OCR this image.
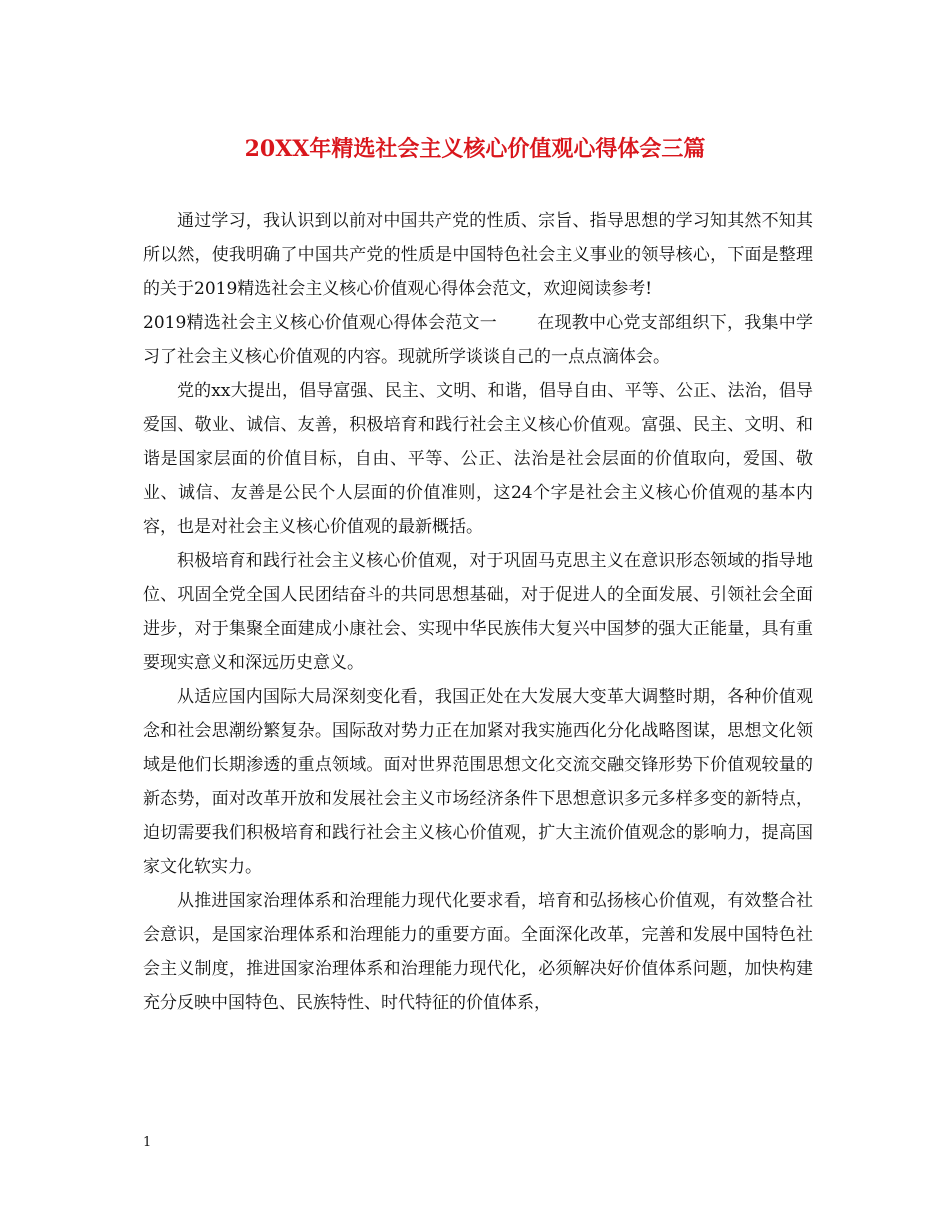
20XX年精选社会主义核心价值观心得体会三篇

通过学习，我认识到以前对中国共产党的性质、宗旨、指导思想的学习知其然不知其所以然，使我明确了中国共产党的性质是中国特色社会主义事业的领导核心，下面是整理的关于2019精选社会主义核心价值观心得体会范文，欢迎阅读参考!

2019精选社会主义核心价值观心得体会范文一 在现教中心党支部组织下，我集中学习了社会主义核心价值观的内容。现就所学谈谈自己的一点点滴体会。

党的xx大提出，倡导富强、民主、文明、和谐，倡导自由、平等、公正、法治，倡导爱国、敬业、诚信、友善，积极培育和践行社会主义核心价值观。富强、民主、文明、和谐是国家层面的价值目标，自由、平等、公正、法治是社会层面的价值取向，爱国、敬业、诚信、友善是公民个人层面的价值准则，这24个字是社会主义核心价值观的基本内容，也是对社会主义核心价值观的最新概括。

积极培育和践行社会主义核心价值观，对于巩固马克思主义在意识形态领域的指导地位、巩固全党全国人民团结奋斗的共同思想基础，对于促进人的全面发展、引领社会全面进步，对于集聚全面建成小康社会、实现中华民族伟大复兴中国梦的强大正能量，具有重要现实意义和深远历史意义。

从适应国内国际大局深刻变化看，我国正处在大发展大变革大调整时期，各种价值观念和社会思潮纷繁复杂。国际敌对势力正在加紧对我实施西化分化战略图谋，思想文化领域是他们长期渗透的重点领域。面对世界范围思想文化交流交融交锋形势下价值观较量的新态势，面对改革开放和发展社会主义市场经济条件下思想意识多元多样多变的新特点，迫切需要我们积极培育和践行社会主义核心价值观，扩大主流价值观念的影响力，提高国家文化软实力。

从推进国家治理体系和治理能力现代化要求看，培育和弘扬核心价值观，有效整合社会意识，是国家治理体系和治理能力的重要方面。全面深化改革，完善和发展中国特色社会主义制度，推进国家治理体系和治理能力现代化，必须解决好价值体系问题，加快构建充分反映中国特色、民族特性、时代特征的价值体系，

1
